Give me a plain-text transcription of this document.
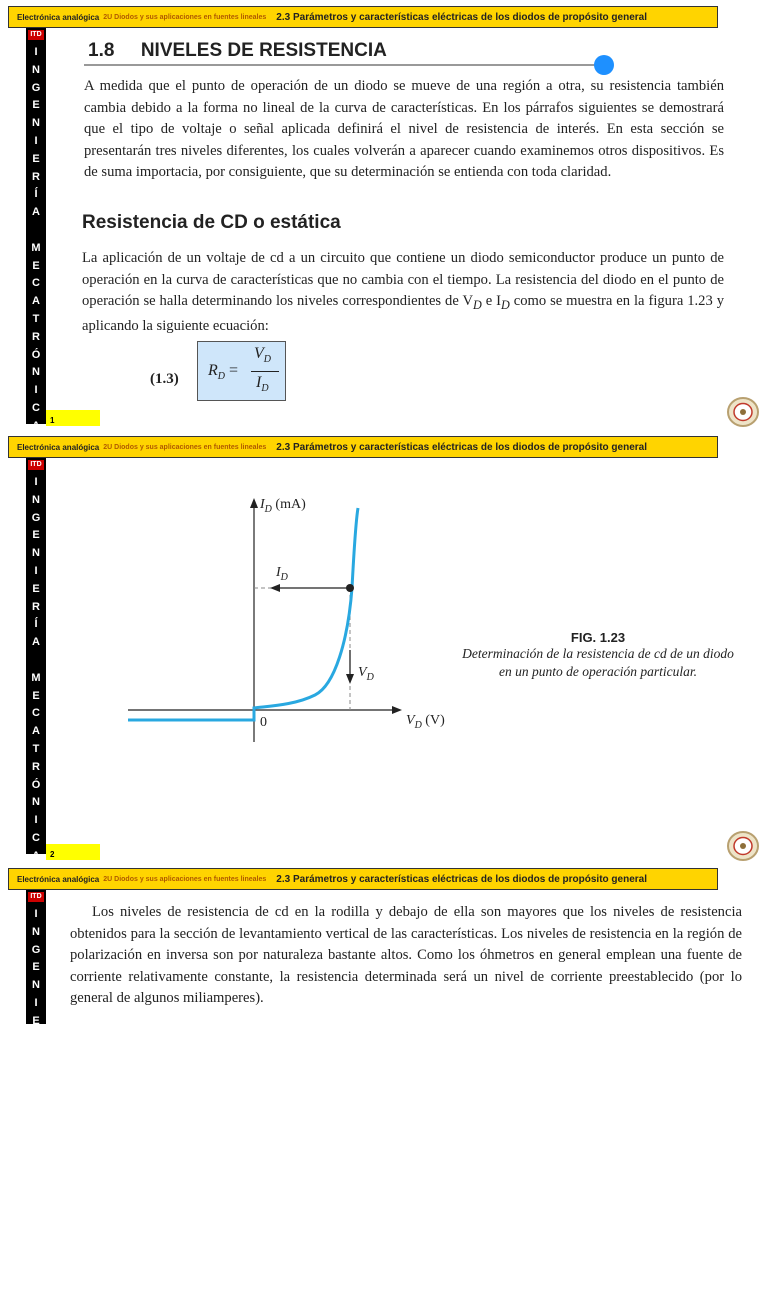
Electrónica analógica 2U Diodos y sus aplicaciones en fuentes lineales 2.3 Parámetros y características eléctricas de los diodos de propósito general
ITD
I
N
G
E
N
I
E
R
Í
A

M
E
C
A
T
R
Ó
N
I
C
A	1
1.8 NIVELES DE RESISTENCIA
A medida que el punto de operación de un diodo se mueve de una región a otra, su resistencia también cambia debido a la forma no lineal de la curva de características. En los párrafos siguientes se demostrará que el tipo de voltaje o señal aplicada definirá el nivel de resistencia de interés. En esta sección se presentarán tres niveles diferentes, los cuales volverán a aparecer cuando examinemos otros dispositivos. Es de suma importacia, por consiguiente, que su determinación se entienda con toda claridad.
Resistencia de CD o estática
La aplicación de un voltaje de cd a un circuito que contiene un diodo semiconductor produce un punto de operación en la curva de características que no cambia con el tiempo. La resistencia del diodo en el punto de operación se halla determinando los niveles correspondientes de $V_D$ e $I_D$ como se muestra en la figura 1.23 y aplicando la siguiente ecuación:
(1.3) $R_D$ =
$V_D$
$I_D$
Electrónica analógica 2U Diodos y sus aplicaciones en fuentes lineales 2.3 Parámetros y características eléctricas de los diodos de propósito general
ITD
I
N
G
E
N
I
E
R
Í
A

M
E
C
A
T
R
Ó
N
I
C
A	2
$I_D$ (mA)
$I_D$
$V_D$
$V_D$ (V)
0
FIG. 1.23
Determinación de la resistencia de cd de un diodo en un punto de operación particular.
Electrónica analógica 2U Diodos y sus aplicaciones en fuentes lineales 2.3 Parámetros y características eléctricas de los diodos de propósito general
ITD
I
N
G
E
N
I
E
R
Í
A

M
E
C
A
T
R
Ó
N
I
C
A
Los niveles de resistencia de cd en la rodilla y debajo de ella son mayores que los niveles de resistencia obtenidos para la sección de levantamiento vertical de las características. Los niveles de resistencia en la región de polarización en inversa son por naturaleza bastante altos. Como los óhmetros en general emplean una fuente de corriente relativamente constante, la resistencia determinada será un nivel de corriente preestablecido (por lo general de algunos miliamperes).
